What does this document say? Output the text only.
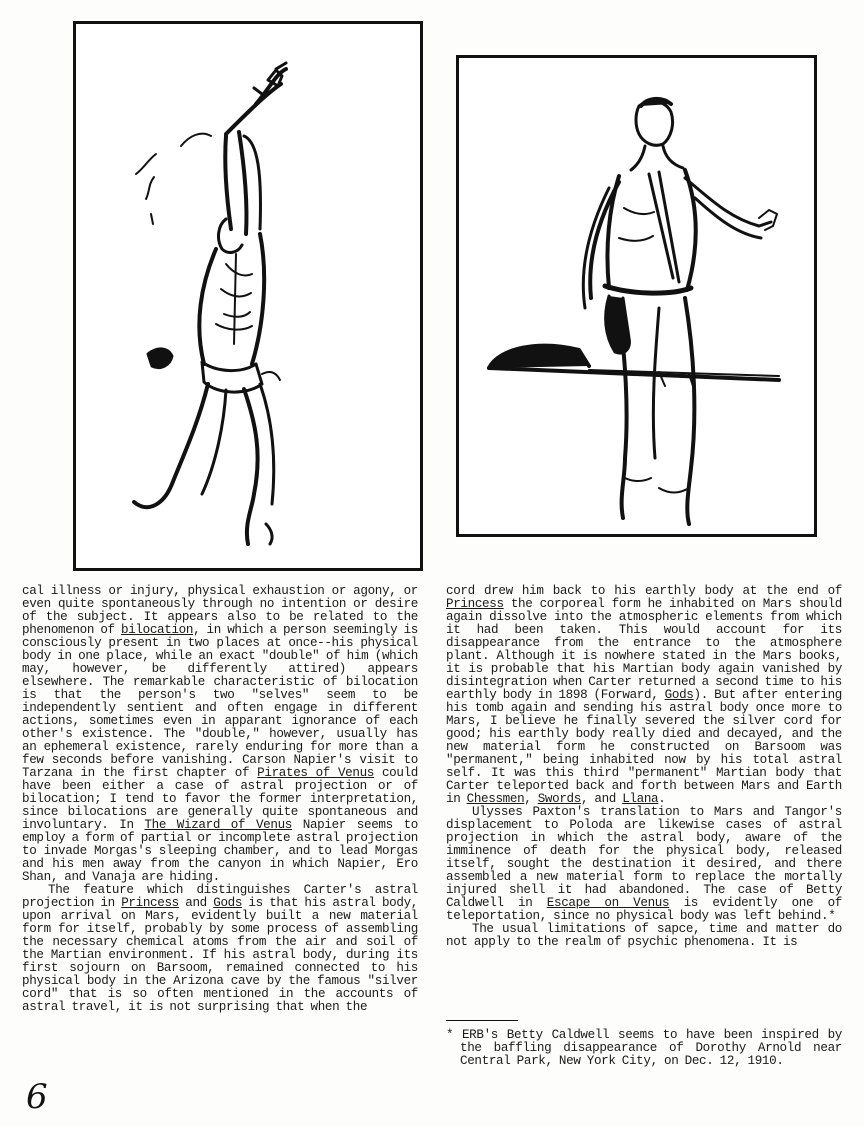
cal illness or injury, physical exhaustion or agony, or even quite spontaneously through no intention or desire of the subject. It appears also to be related to the phenomenon of bilocation, in which a person seemingly is consciously present in two places at once--his physical body in one place, while an exact "double" of him (which may, however, be differently attired) appears elsewhere. The remarkable characteristic of bilocation is that the person's two "selves" seem to be independently sentient and often engage in different actions, sometimes even in apparant ignorance of each other's existence. The "double," however, usually has an ephemeral existence, rarely enduring for more than a few seconds before vanishing. Carson Napier's visit to Tarzana in the first chapter of Pirates of Venus could have been either a case of astral projection or of bilocation; I tend to favor the former interpretation, since bilocations are generally quite spontaneous and involuntary. In The Wizard of Venus Napier seems to employ a form of partial or incomplete astral projection to invade Morgas's sleeping chamber, and to lead Morgas and his men away from the canyon in which Napier, Ero Shan, and Vanaja are hiding.

The feature which distinguishes Carter's astral projection in Princess and Gods is that his astral body, upon arrival on Mars, evidently built a new material form for itself, probably by some process of assembling the necessary chemical atoms from the air and soil of the Martian environment. If his astral body, during its first sojourn on Barsoom, remained connected to his physical body in the Arizona cave by the famous "silver cord" that is so often mentioned in the accounts of astral travel, it is not surprising that when the

cord drew him back to his earthly body at the end of Princess the corporeal form he inhabited on Mars should again dissolve into the atmospheric elements from which it had been taken. This would account for its disappearance from the entrance to the atmosphere plant. Although it is nowhere stated in the Mars books, it is probable that his Martian body again vanished by disintegration when Carter returned a second time to his earthly body in 1898 (Forward, Gods). But after entering his tomb again and sending his astral body once more to Mars, I believe he finally severed the silver cord for good; his earthly body really died and decayed, and the new material form he constructed on Barsoom was "permanent," being inhabited now by his total astral self. It was this third "permanent" Martian body that Carter teleported back and forth between Mars and Earth in Chessmen, Swords, and Llana.

Ulysses Paxton's translation to Mars and Tangor's displacement to Poloda are likewise cases of astral projection in which the astral body, aware of the imminence of death for the physical body, released itself, sought the destination it desired, and there assembled a new material form to replace the mortally injured shell it had abandoned. The case of Betty Caldwell in Escape on Venus is evidently one of teleportation, since no physical body was left behind.*

The usual limitations of sapce, time and matter do not apply to the realm of psychic phenomena. It is

* ERB's Betty Caldwell seems to have been inspired by the baffling disappearance of Dorothy Arnold near Central Park, New York City, on Dec. 12, 1910.
6
